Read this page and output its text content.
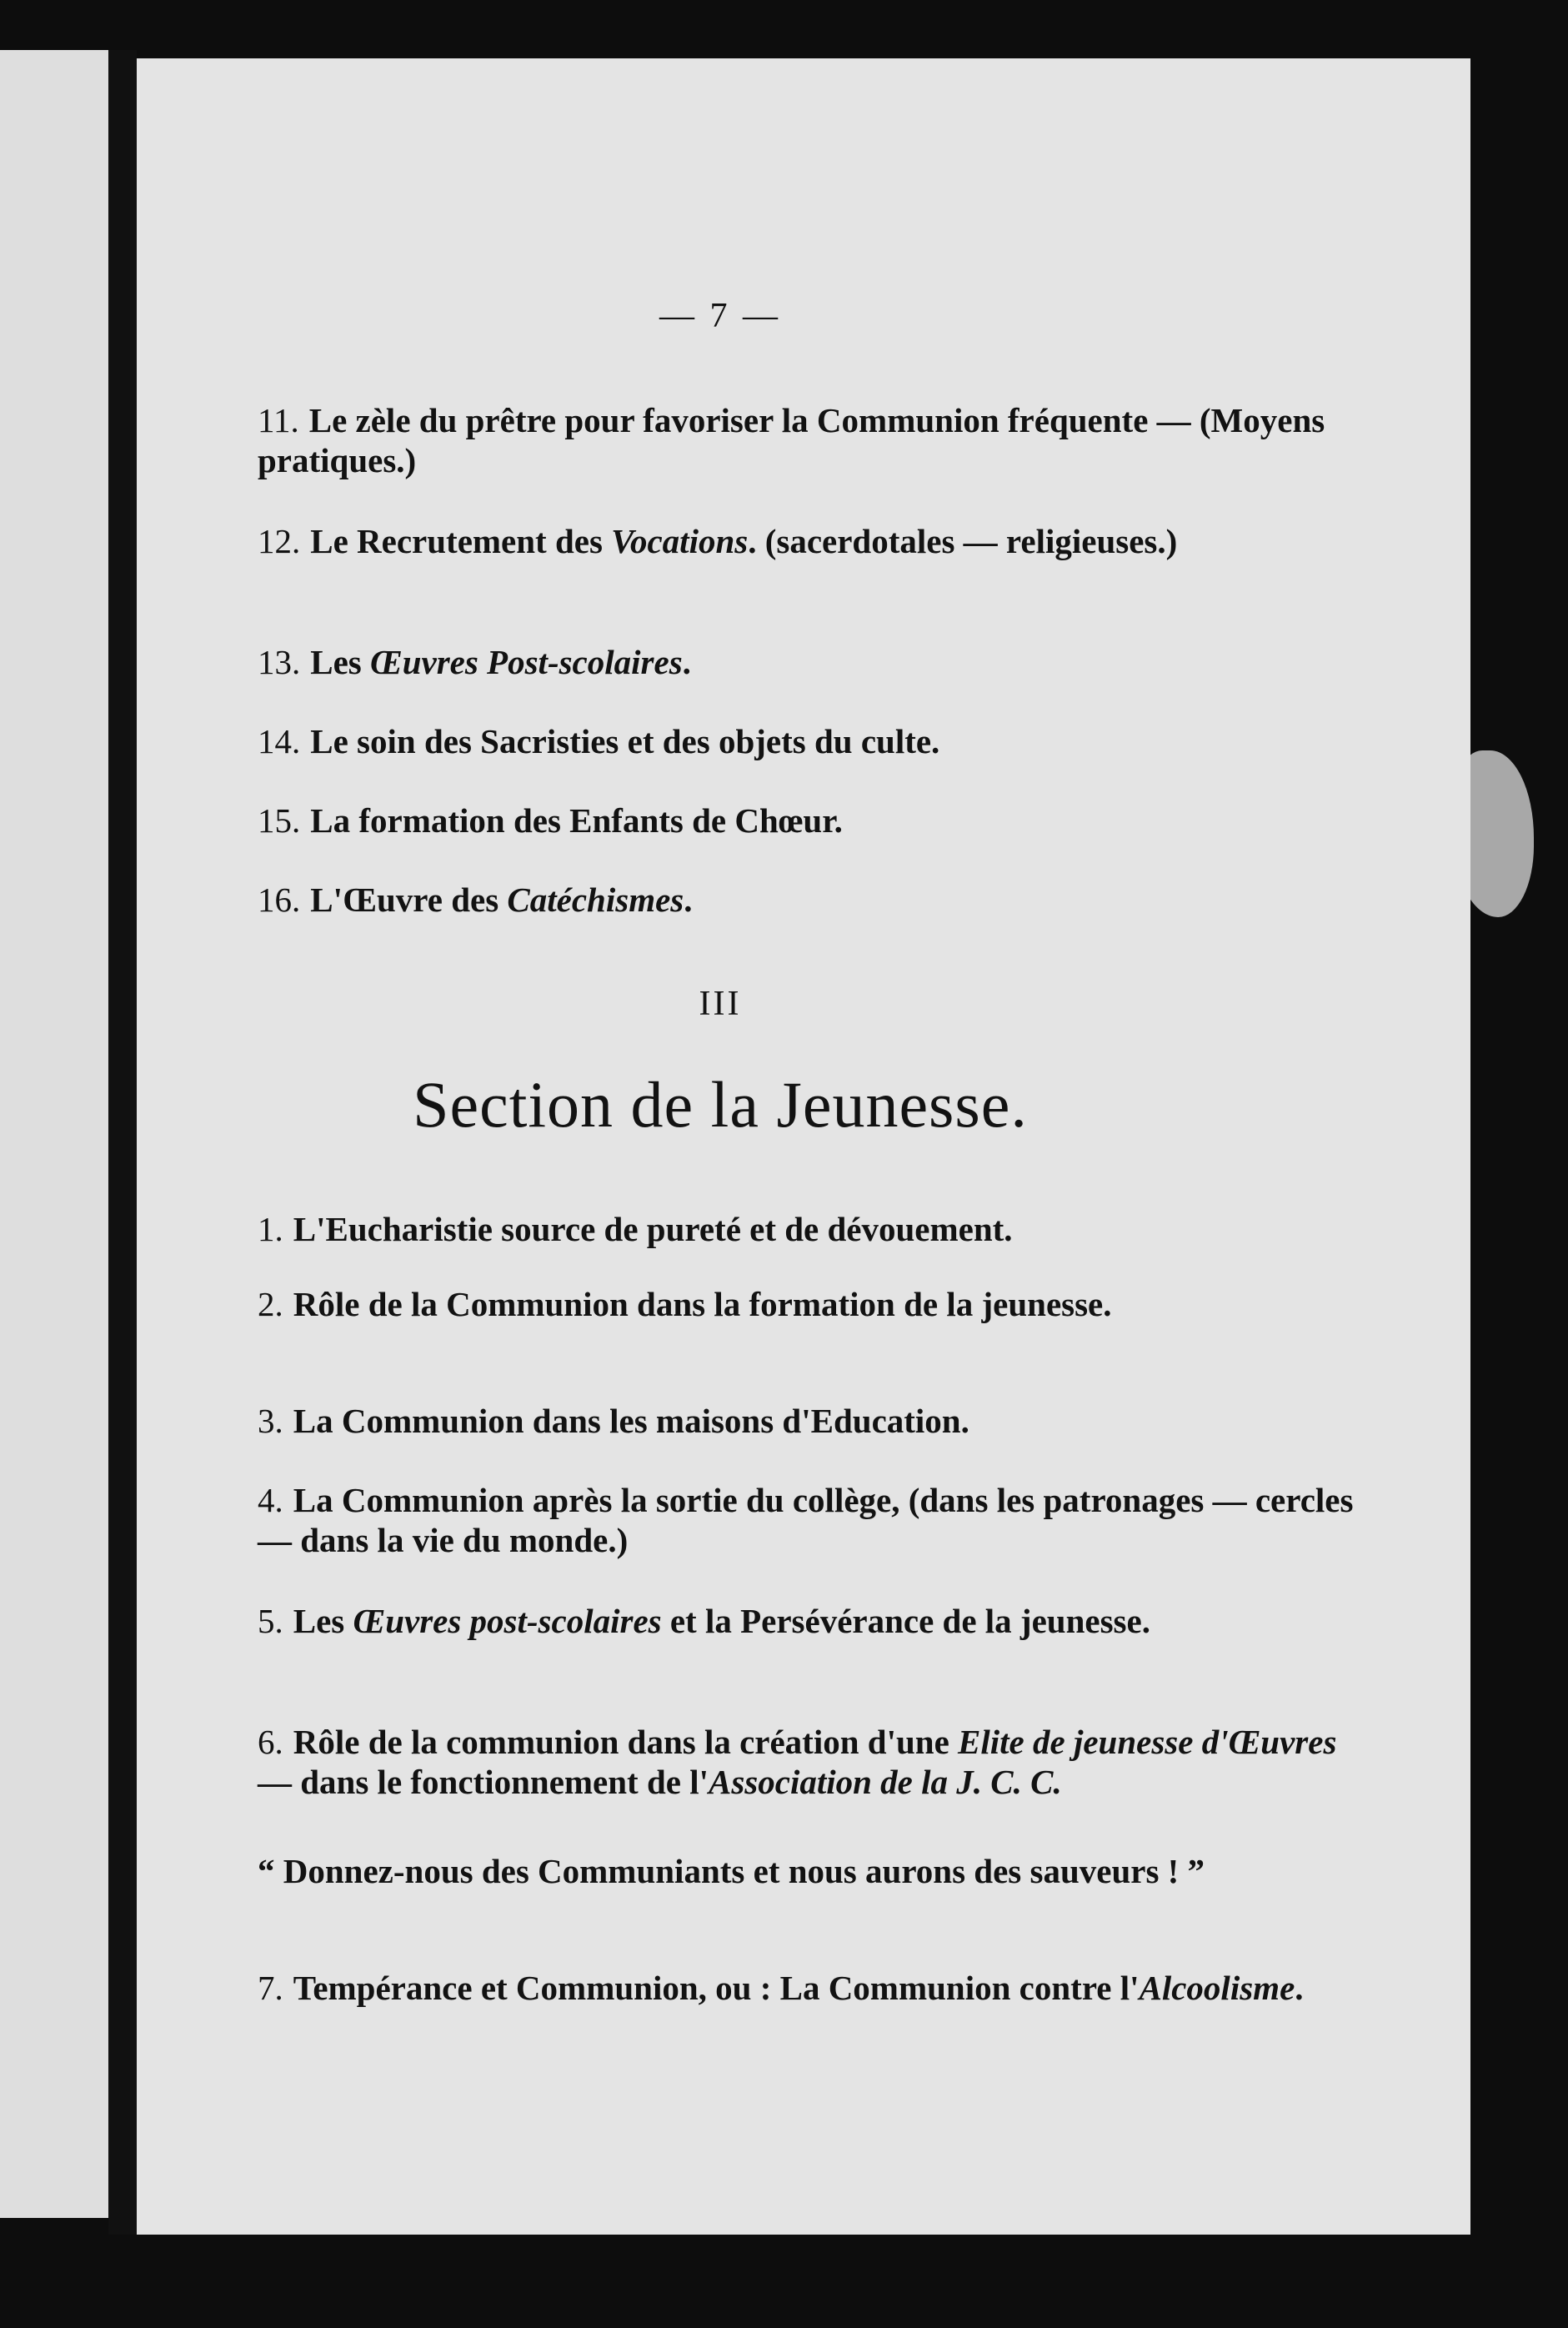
— 7 —
11. Le zèle du prêtre pour favoriser la Communion fréquente — (Moyens pratiques.)
12. Le Recrutement des Vocations. (sacerdotales — religieuses.)
13. Les Œuvres Post-scolaires.
14. Le soin des Sacristies et des objets du culte.
15. La formation des Enfants de Chœur.
16. L'Œuvre des Catéchismes.
III
Section de la Jeunesse.
1. L'Eucharistie source de pureté et de dévouement.
2. Rôle de la Communion dans la formation de la jeunesse.
3. La Communion dans les maisons d'Education.
4. La Communion après la sortie du collège, (dans les patronages — cercles — dans la vie du monde.)
5. Les Œuvres post-scolaires et la Persévérance de la jeunesse.
6. Rôle de la communion dans la création d'une Elite de jeunesse d'Œuvres — dans le fonctionnement de l'Association de la J. C. C.
“ Donnez-nous des Communiants et nous aurons des sauveurs ! ”
7. Tempérance et Communion, ou : La Communion contre l'Alcoolisme.
